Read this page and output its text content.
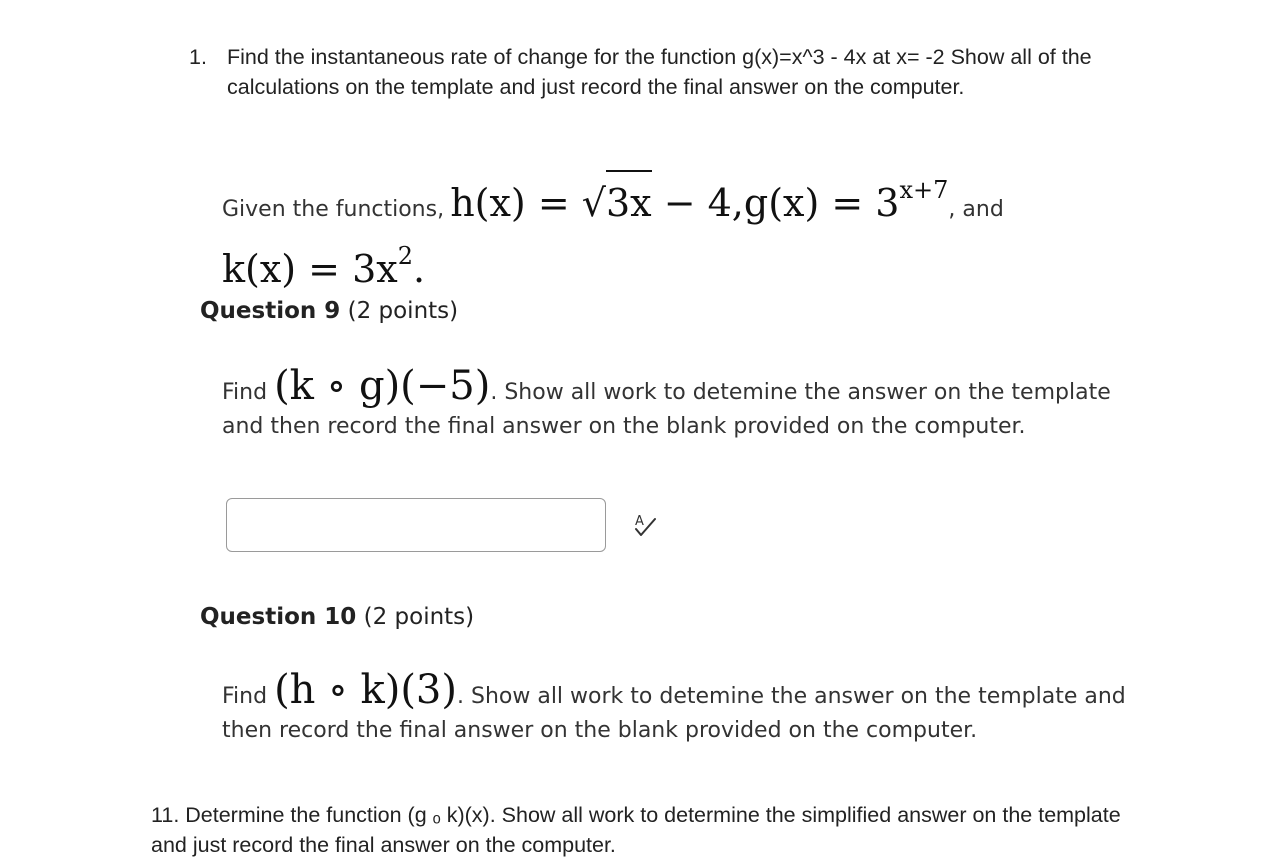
1. Find the instantaneous rate of change for the function g(x)=x^3 - 4x at x= -2 Show all of the calculations on the template and just record the final answer on the computer.
Given the functions, $h(x) = √3x - 4,g(x) = 3^{x+7}$, and
$k(x) = 3x^2$.
Question 9 (2 points)
Find (k ∘ g)(−5). Show all work to detemine the answer on the template
and then record the final answer on the blank provided on the computer.
A
Question 10 (2 points)
Find (h ∘ k)(3). Show all work to detemine the answer on the template and
then record the final answer on the blank provided on the computer.
11. Determine the function (g ₒ k)(x). Show all work to determine the simplified answer on the template and just record the final answer on the computer.
